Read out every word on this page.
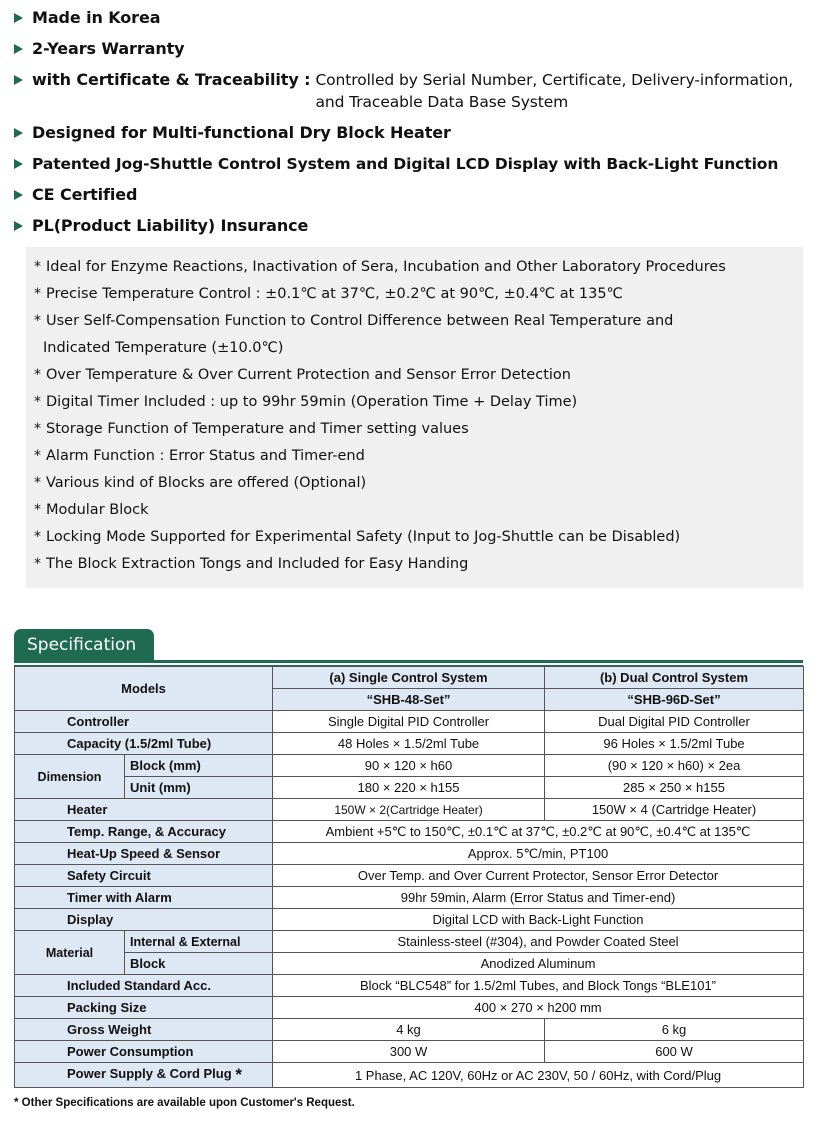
Made in Korea
2-Years Warranty
with Certificate & Traceability : Controlled by Serial Number, Certificate, Delivery-information,
and Traceable Data Base System
Designed for Multi-functional Dry Block Heater
Patented Jog-Shuttle Control System and Digital LCD Display with Back-Light Function
CE Certified
PL(Product Liability) Insurance
* Ideal for Enzyme Reactions, Inactivation of Sera, Incubation and Other Laboratory Procedures
* Precise Temperature Control : ±0.1℃ at 37℃, ±0.2℃ at 90℃, ±0.4℃ at 135℃
* User Self-Compensation Function to Control Difference between Real Temperature and
Indicated Temperature (±10.0℃)
* Over Temperature & Over Current Protection and Sensor Error Detection
* Digital Timer Included : up to 99hr 59min (Operation Time + Delay Time)
* Storage Function of Temperature and Timer setting values
* Alarm Function : Error Status and Timer-end
* Various kind of Blocks are offered (Optional)
* Modular Block
* Locking Mode Supported for Experimental Safety (Input to Jog-Shuttle can be Disabled)
* The Block Extraction Tongs and Included for Easy Handing
Specification
Models		(a) Single Control System	(b) Dual Control System
		“SHB-48-Set”	“SHB-96D-Set”
Controller		Single Digital PID Controller	Dual Digital PID Controller
Capacity (1.5/2ml Tube)		48 Holes × 1.5/2ml Tube	96 Holes × 1.5/2ml Tube
Dimension	Block (mm)	90 × 120 × h60	(90 × 120 × h60) × 2ea
	Unit (mm)	180 × 220 × h155	285 × 250 × h155
Heater		150W × 2(Cartridge Heater)	150W × 4 (Cartridge Heater)
Temp. Range, & Accuracy		Ambient +5℃ to 150℃, ±0.1℃ at 37℃, ±0.2℃ at 90℃, ±0.4℃ at 135℃	
Heat-Up Speed & Sensor		Approx. 5℃/min, PT100	
Safety Circuit		Over Temp. and Over Current Protector, Sensor Error Detector	
Timer with Alarm		99hr 59min, Alarm (Error Status and Timer-end)	
Display		Digital LCD with Back-Light Function	
Material	Internal & External	Stainless-steel (#304), and Powder Coated Steel	
	Block	Anodized Aluminum	
Included Standard Acc.		Block “BLC548” for 1.5/2ml Tubes, and Block Tongs “BLE101”	
Packing Size		400 × 270 × h200 mm	
Gross Weight		4 kg	6 kg
Power Consumption		300 W	600 W
Power Supply & Cord Plug *		1 Phase, AC 120V, 60Hz or AC 230V, 50 / 60Hz, with Cord/Plug	
* Other Specifications are available upon Customer's Request.
